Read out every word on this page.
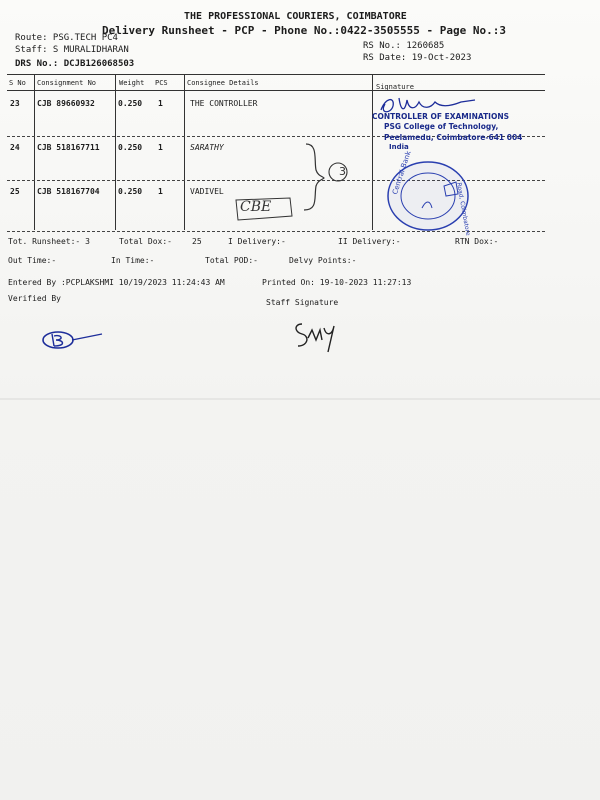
THE PROFESSIONAL COURIERS, COIMBATORE
Delivery Runsheet - PCP - Phone No.:0422-3505555 - Page No.:3
Route: PSG.TECH PC4
Staff: S MURALIDHARAN
DRS No.: DCJB126068503
RS No.: 1260685
RS Date: 19-Oct-2023
S No Consignment No	Weight PCS	Consignee Details	Signature
23 CJB 89660932	0.250 1	THE CONTROLLER
24 CJB 518167711 0.250 1	SARATHY
25 CJB 518167704 0.250 1	VADIVEL
3
CBE
CONTROLLER OF EXAMINATIONS
PSG College of Technology,
Peelamedu, Coimbatore-641 004
India
Central Bank
Road, Coimbatore
Tot. Runsheet:- 3	Total Dox:-	25	I Delivery:-	II Delivery:-	RTN Dox:-
Out Time:-	In Time:-	Total POD:-	Delvy Points:-
Entered By :PCPLAKSHMI 10/19/2023 11:24:43 AM	Printed On: 19-10-2023 11:27:13
Verified By	Staff Signature
